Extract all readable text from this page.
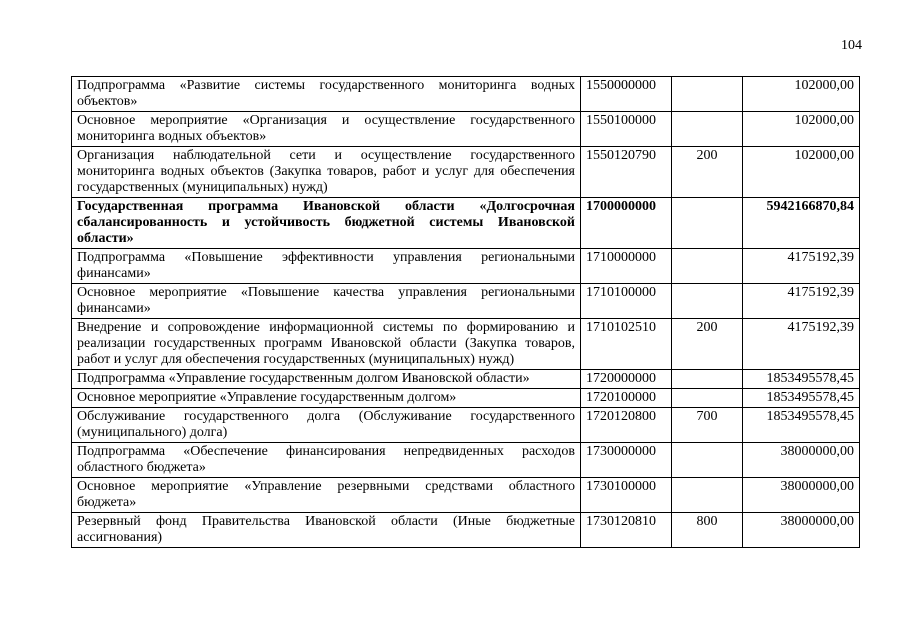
104
Подпрограмма «Развитие системы государственного мониторинга водных объектов»	1550000000		102000,00
Основное мероприятие «Организация и осуществление государственного мониторинга водных объектов»	1550100000		102000,00
Организация наблюдательной сети и осуществление государственного мониторинга водных объектов (Закупка товаров, работ и услуг для обеспечения государственных (муниципальных) нужд)	1550120790	200	102000,00
Государственная программа Ивановской области «Долгосрочная сбалансированность и устойчивость бюджетной системы Ивановской области»	1700000000		5942166870,84
Подпрограмма «Повышение эффективности управления региональными финансами»	1710000000		4175192,39
Основное мероприятие «Повышение качества управления региональными финансами»	1710100000		4175192,39
Внедрение и сопровождение информационной системы по формированию и реализации государственных программ Ивановской области (Закупка товаров, работ и услуг для обеспечения государственных (муниципальных) нужд)	1710102510	200	4175192,39
Подпрограмма «Управление государственным долгом Ивановской области»	1720000000		1853495578,45
Основное мероприятие «Управление государственным долгом»	1720100000		1853495578,45
Обслуживание государственного долга (Обслуживание государственного (муниципального) долга)	1720120800	700	1853495578,45
Подпрограмма «Обеспечение финансирования непредвиденных расходов областного бюджета»	1730000000		38000000,00
Основное мероприятие «Управление резервными средствами областного бюджета»	1730100000		38000000,00
Резервный фонд Правительства Ивановской области (Иные бюджетные ассигнования)	1730120810	800	38000000,00
